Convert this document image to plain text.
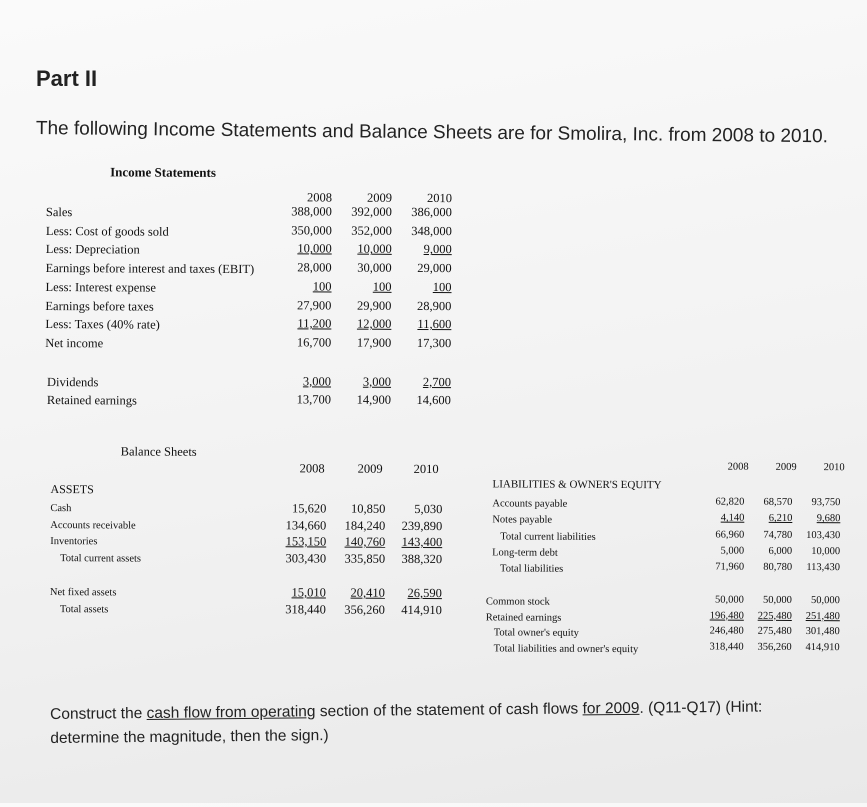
Part II
The following Income Statements and Balance Sheets are for Smolira, Inc. from 2008 to 2010.
Income Statements
2008	2009	2010
Sales	388,000	392,000	386,000
Less: Cost of goods sold	350,000	352,000	348,000
Less: Depreciation	10,000	10,000	9,000
Earnings before interest and taxes (EBIT)	28,000	30,000	29,000
Less: Interest expense	100	100	100
Earnings before taxes	27,900	29,900	28,900
Less: Taxes (40% rate)	11,200	12,000	11,600
Net income	16,700	17,900	17,300
Dividends	3,000	3,000	2,700
Retained earnings	13,700	14,900	14,600
Balance Sheets
2008	2009	2010
ASSETS
Cash	15,620	10,850	5,030
Accounts receivable	134,660	184,240	239,890
Inventories	153,150	140,760	143,400
Total current assets	303,430	335,850	388,320
Net fixed assets	15,010	20,410	26,590
Total assets	318,440	356,260	414,910
2008	2009	2010
LIABILITIES & OWNER'S EQUITY
Accounts payable	62,820	68,570	93,750
Notes payable	4,140	6,210	9,680
Total current liabilities	66,960	74,780	103,430
Long-term debt	5,000	6,000	10,000
Total liabilities	71,960	80,780	113,430
Common stock	50,000	50,000	50,000
Retained earnings	196,480	225,480	251,480
Total owner's equity	246,480	275,480	301,480
Total liabilities and owner's equity	318,440	356,260	414,910
Construct the cash flow from operating section of the statement of cash flows for 2009. (Q11-Q17) (Hint: determine the magnitude, then the sign.)
